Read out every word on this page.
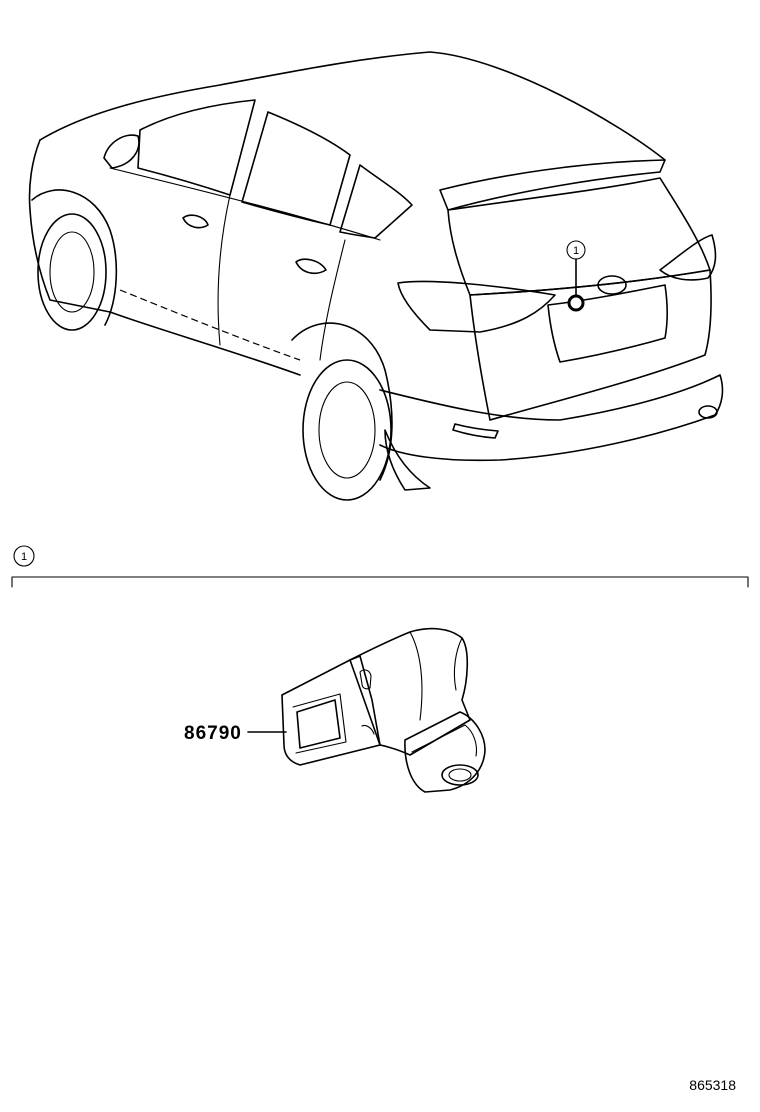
1
1
86790
865318
